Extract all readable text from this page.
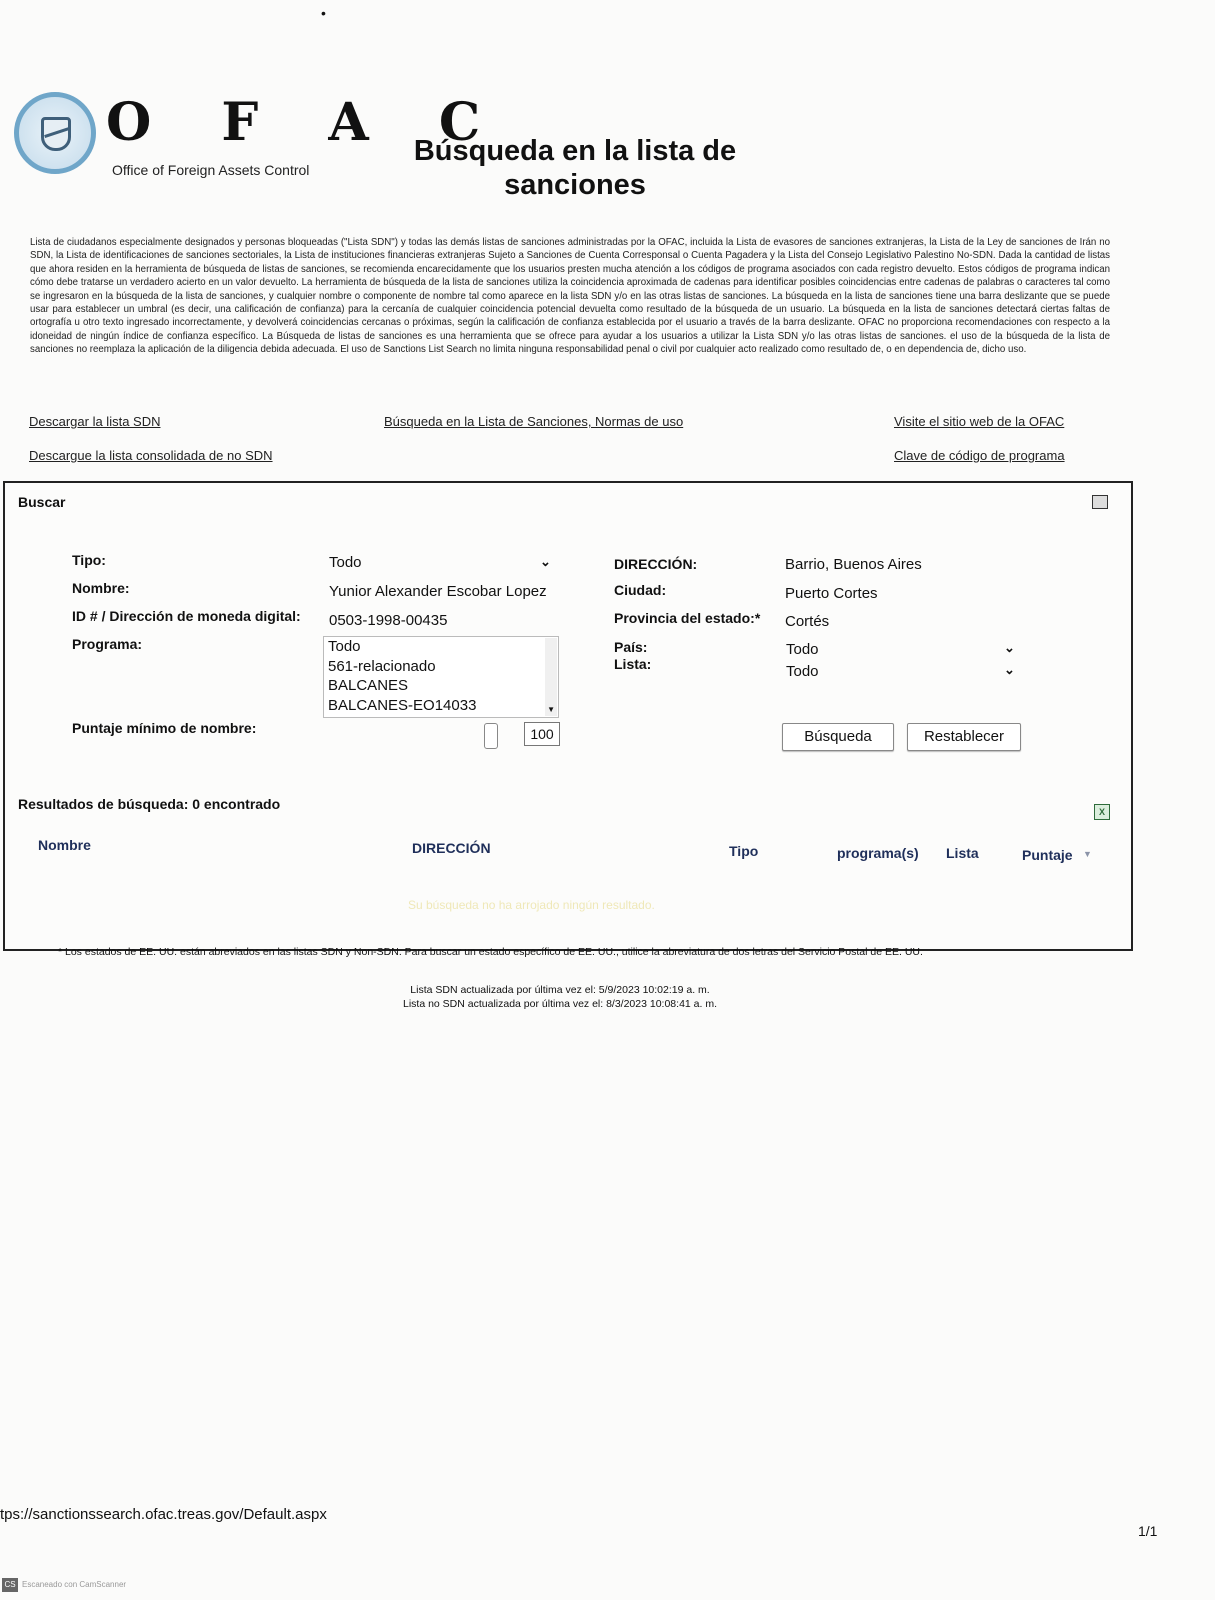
•
O F A C
Office of Foreign Assets Control
Búsqueda en la lista de
sanciones
Lista de ciudadanos especialmente designados y personas bloqueadas ("Lista SDN") y todas las demás listas de sanciones administradas por la OFAC, incluida la Lista de evasores de sanciones extranjeras, la Lista de la Ley de sanciones de Irán no SDN, la Lista de identificaciones de sanciones sectoriales, la Lista de instituciones financieras extranjeras Sujeto a Sanciones de Cuenta Corresponsal o Cuenta Pagadera y la Lista del Consejo Legislativo Palestino No-SDN. Dada la cantidad de listas que ahora residen en la herramienta de búsqueda de listas de sanciones, se recomienda encarecidamente que los usuarios presten mucha atención a los códigos de programa asociados con cada registro devuelto. Estos códigos de programa indican cómo debe tratarse un verdadero acierto en un valor devuelto. La herramienta de búsqueda de la lista de sanciones utiliza la coincidencia aproximada de cadenas para identificar posibles coincidencias entre cadenas de palabras o caracteres tal como se ingresaron en la búsqueda de la lista de sanciones, y cualquier nombre o componente de nombre tal como aparece en la lista SDN y/o en las otras listas de sanciones. La búsqueda en la lista de sanciones tiene una barra deslizante que se puede usar para establecer un umbral (es decir, una calificación de confianza) para la cercanía de cualquier coincidencia potencial devuelta como resultado de la búsqueda de un usuario. La búsqueda en la lista de sanciones detectará ciertas faltas de ortografía u otro texto ingresado incorrectamente, y devolverá coincidencias cercanas o próximas, según la calificación de confianza establecida por el usuario a través de la barra deslizante. OFAC no proporciona recomendaciones con respecto a la idoneidad de ningún índice de confianza específico. La Búsqueda de listas de sanciones es una herramienta que se ofrece para ayudar a los usuarios a utilizar la Lista SDN y/o las otras listas de sanciones. el uso de la búsqueda de la lista de sanciones no reemplaza la aplicación de la diligencia debida adecuada. El uso de Sanctions List Search no limita ninguna responsabilidad penal o civil por cualquier acto realizado como resultado de, o en dependencia de, dicho uso.
Descargar la lista SDN	Búsqueda en la Lista de Sanciones, Normas de uso	Visite el sitio web de la OFAC
Descargue la lista consolidada de no SDN	Clave de código de programa
Buscar
Tipo:	Todo	⌄
Nombre:	Yunior Alexander Escobar Lopez
ID # / Dirección de moneda digital: 0503-1998-00435
Programa:	Todo
561-relacionado
BALCANES
BALCANES-EO14033	▼
Puntaje mínimo de nombre:	100
DIRECCIÓN:	Barrio, Buenos Aires
Ciudad:	Puerto Cortes
Provincia del estado:* Cortés
País:	Todo	⌄
Lista:	Todo	⌄
Búsqueda	Restablecer
Resultados de búsqueda: 0 encontrado	X
Nombre	DIRECCIÓN	Tipo	programa(s) Lista	Puntaje ▼
Su búsqueda no ha arrojado ningún resultado.
* Los estados de EE. UU. están abreviados en las listas SDN y Non-SDN. Para buscar un estado específico de EE. UU., utilice la abreviatura de dos letras del Servicio Postal de EE. UU.
Lista SDN actualizada por última vez el: 5/9/2023 10:02:19 a. m.
Lista no SDN actualizada por última vez el: 8/3/2023 10:08:41 a. m.
tps://sanctionssearch.ofac.treas.gov/Default.aspx
1/1
CS Escaneado con CamScanner
